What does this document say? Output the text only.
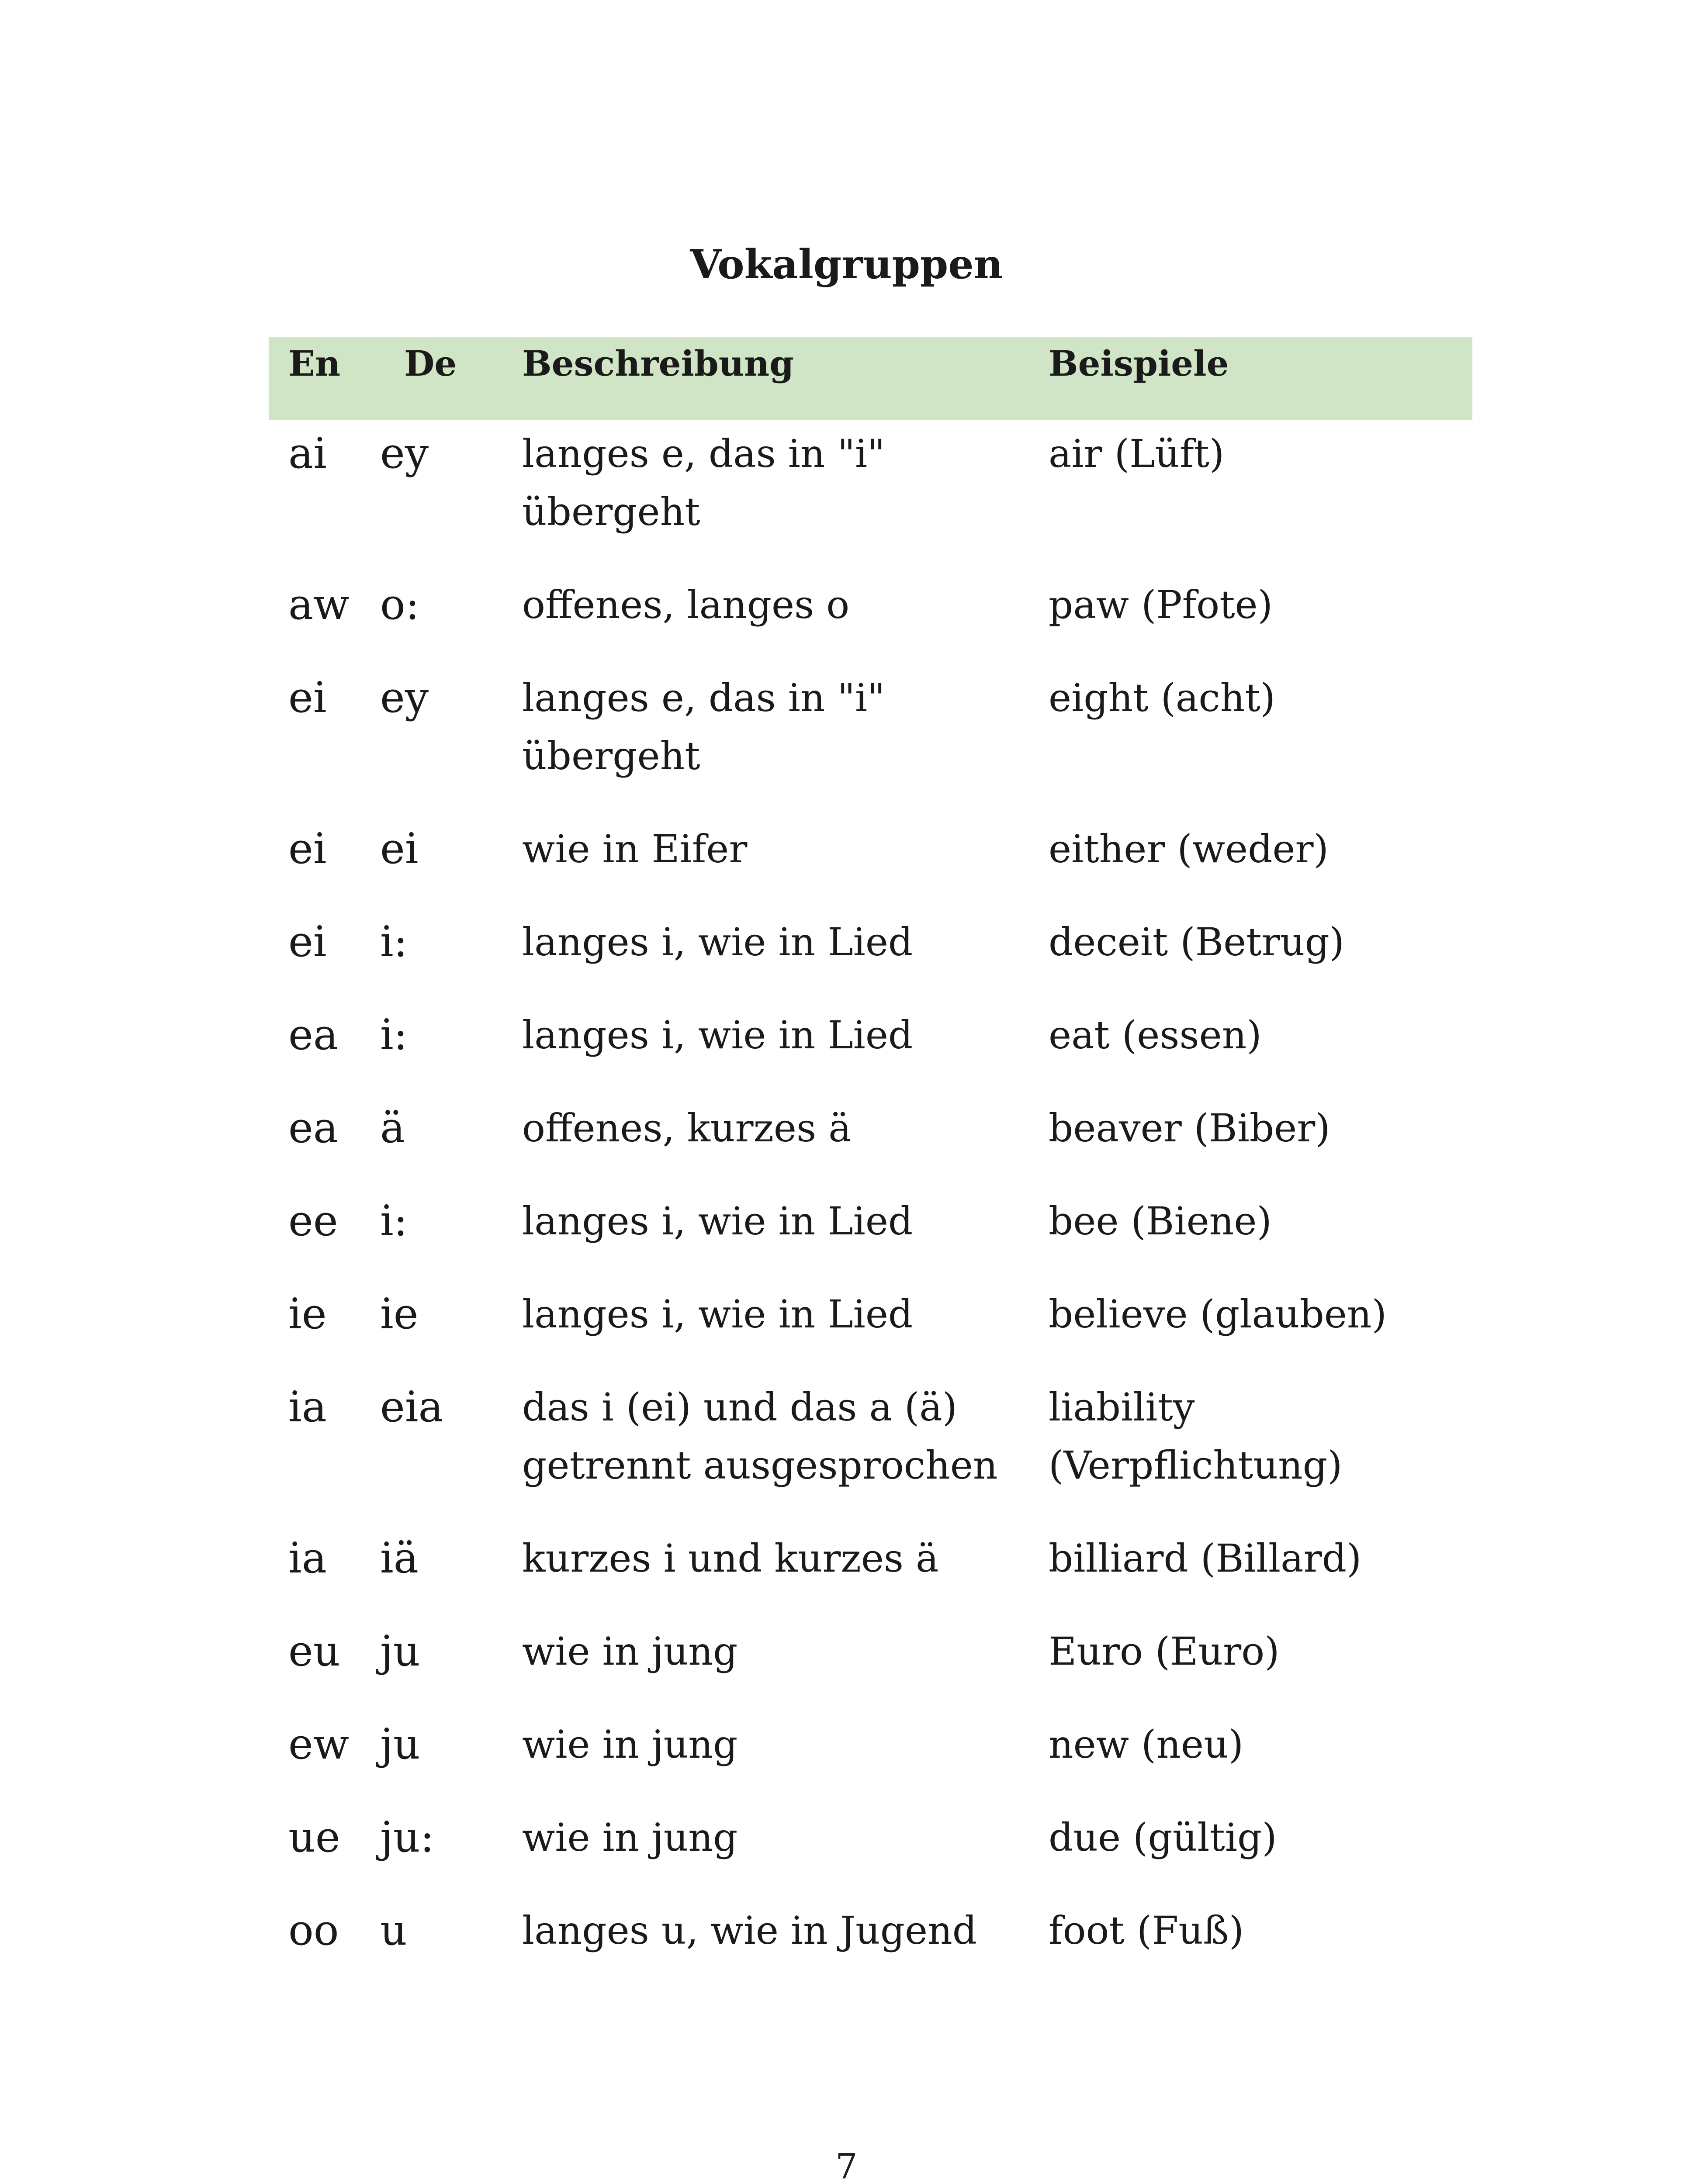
Vokalgruppen
En	De	Beschreibung	Beispiele
ai	ey	langes e, das in "i" übergeht	air (Lüft)
aw	o:	offenes, langes o	paw (Pfote)
ei	ey	langes e, das in "i" übergeht	eight (acht)
ei	ei	wie in Eifer	either (weder)
ei	i:	langes i, wie in Lied	deceit (Betrug)
ea	i:	langes i, wie in Lied	eat (essen)
ea	ä	offenes, kurzes ä	beaver (Biber)
ee	i:	langes i, wie in Lied	bee (Biene)
ie	ie	langes i, wie in Lied	believe (glauben)
ia	eia	das i (ei) und das a (ä) getrennt ausgesprochen	liability (Verpflichtung)
ia	iä	kurzes i und kurzes ä	billiard (Billard)
eu	ju	wie in jung	Euro (Euro)
ew	ju	wie in jung	new (neu)
ue	ju:	wie in jung	due (gültig)
oo	u	langes u, wie in Jugend	foot (Fuß)
7
